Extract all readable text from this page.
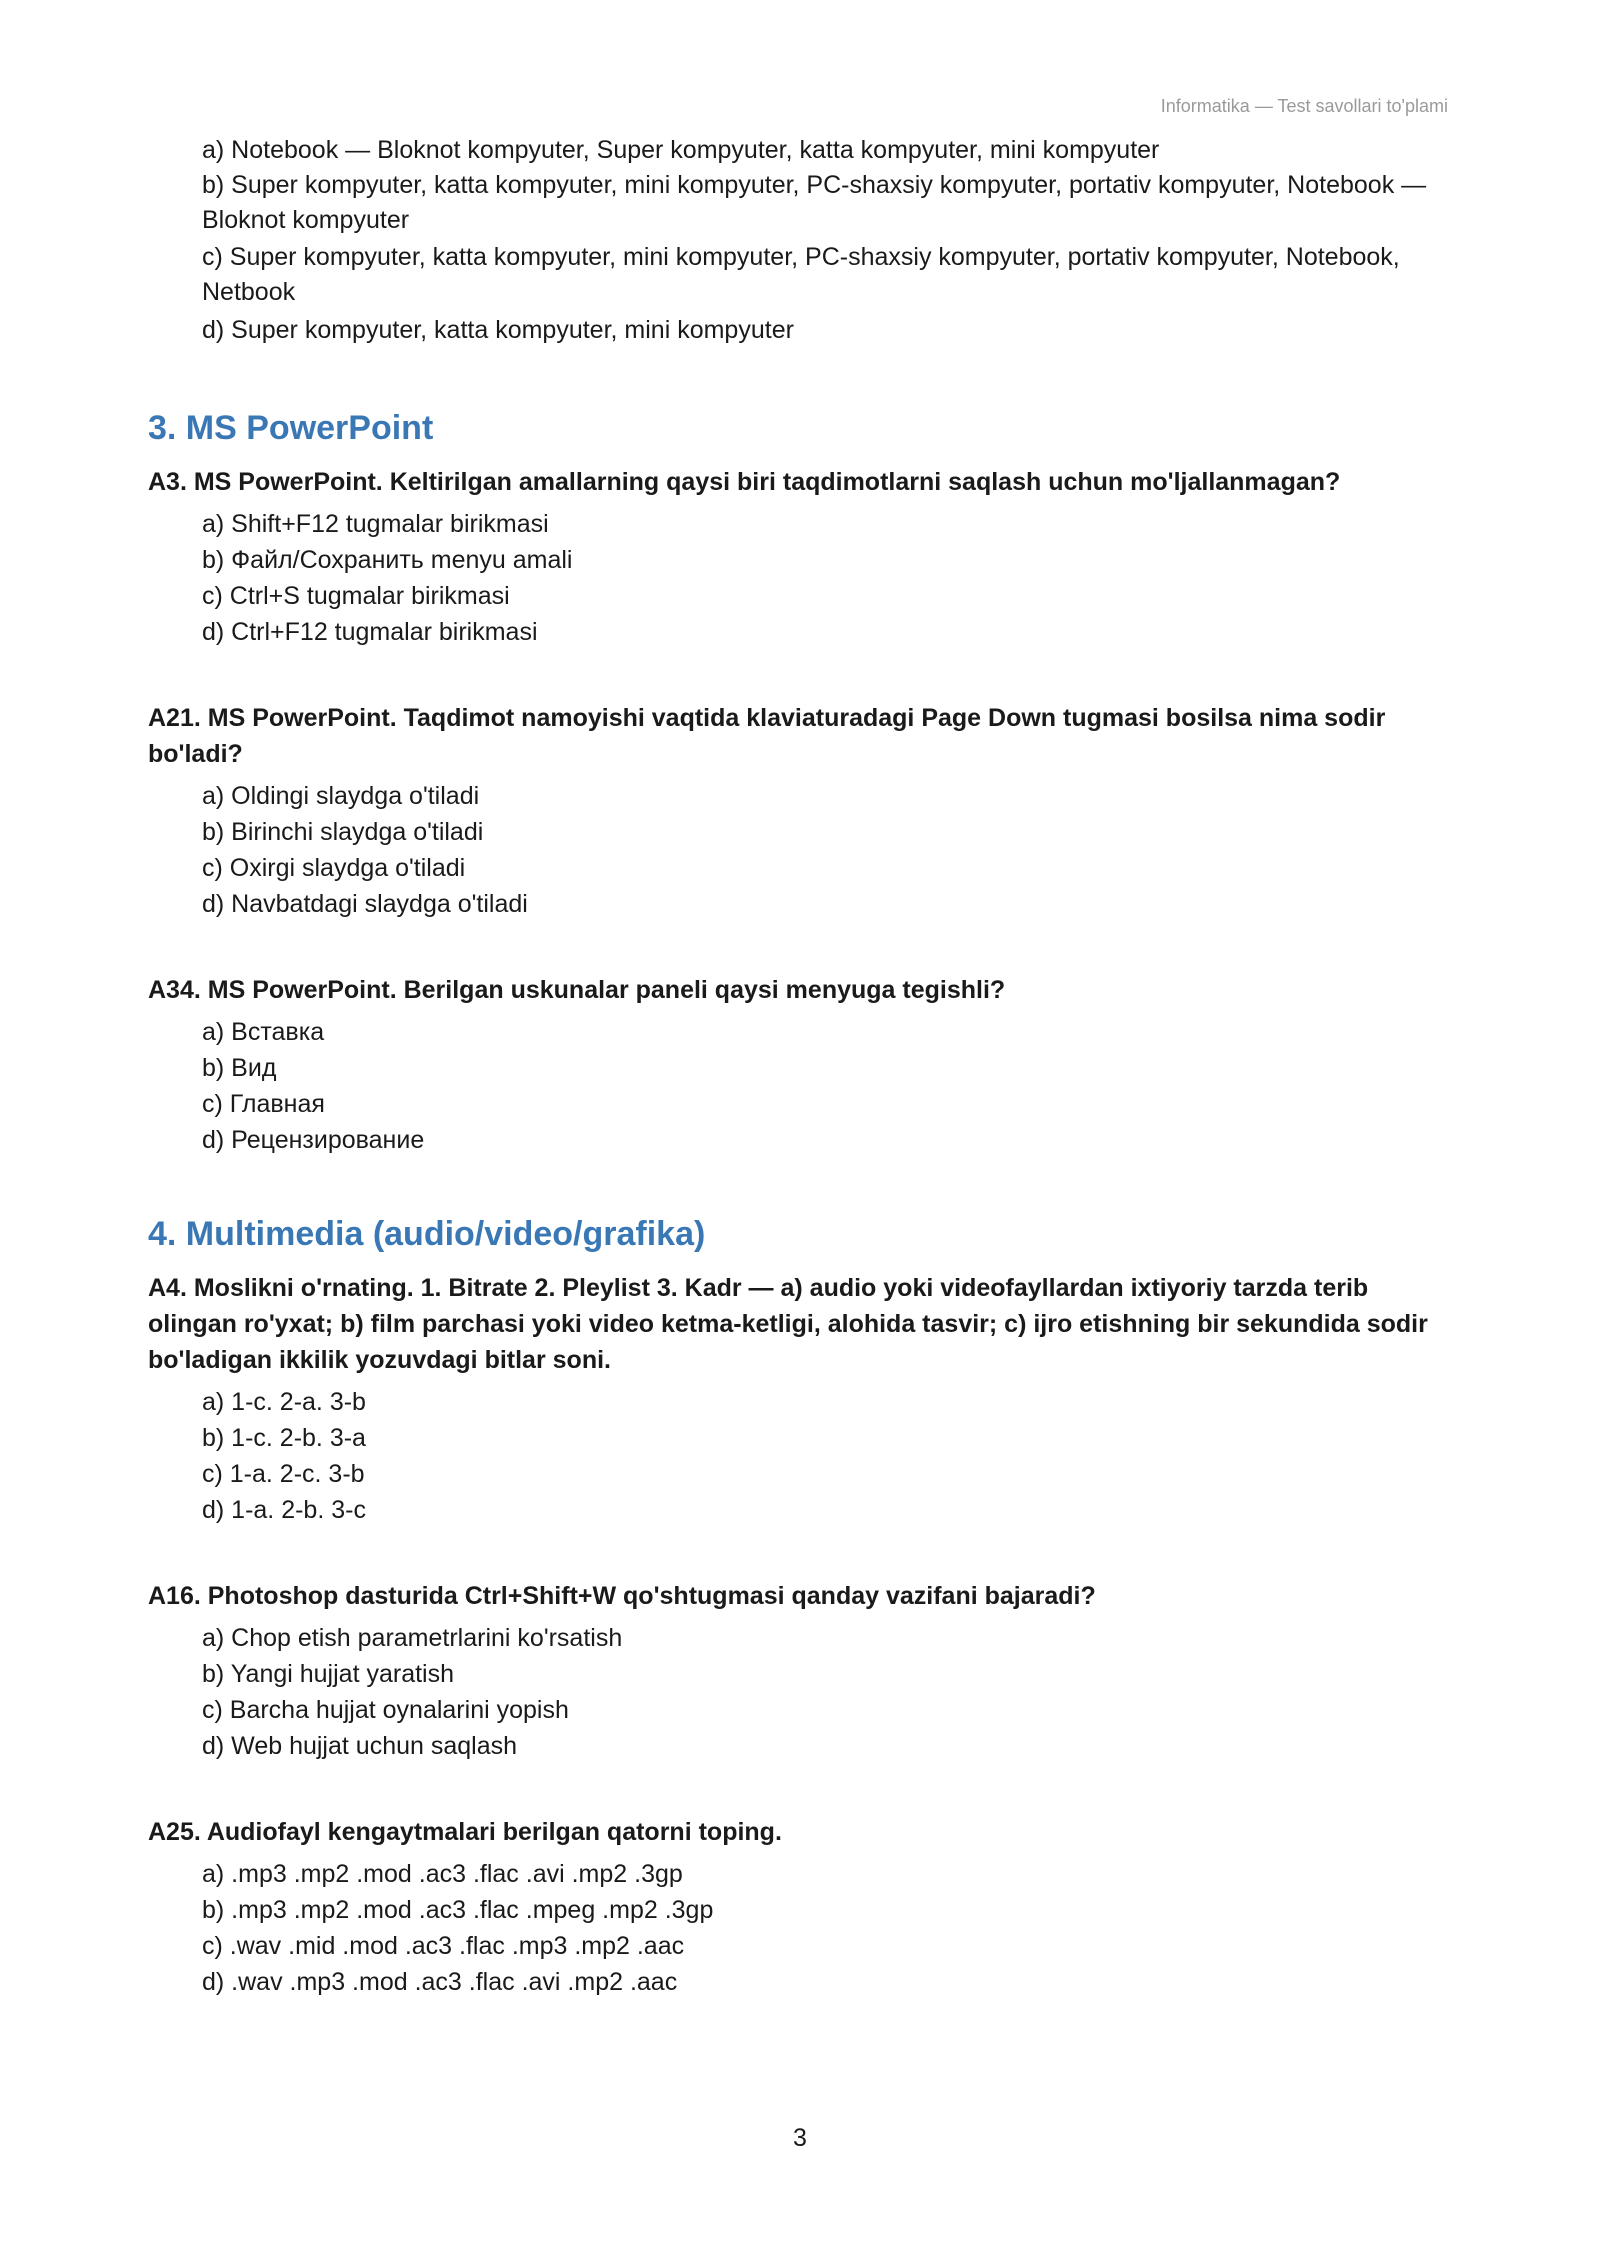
Informatika — Test savollari to'plami
a) Notebook — Bloknot kompyuter, Super kompyuter, katta kompyuter, mini kompyuter
b) Super kompyuter, katta kompyuter, mini kompyuter, PC-shaxsiy kompyuter, portativ kompyuter, Notebook — Bloknot kompyuter
c) Super kompyuter, katta kompyuter, mini kompyuter, PC-shaxsiy kompyuter, portativ kompyuter, Notebook, Netbook
d) Super kompyuter, katta kompyuter, mini kompyuter
3. MS PowerPoint

A3. MS PowerPoint. Keltirilgan amallarning qaysi biri taqdimotlarni saqlash uchun mo'ljallanmagan?

a) Shift+F12 tugmalar birikmasi
b) Файл/Сохранить menyu amali
c) Ctrl+S tugmalar birikmasi
d) Ctrl+F12 tugmalar birikmasi

A21. MS PowerPoint. Taqdimot namoyishi vaqtida klaviaturadagi Page Down tugmasi bosilsa nima sodir bo'ladi?

a) Oldingi slaydga o'tiladi
b) Birinchi slaydga o'tiladi
c) Oxirgi slaydga o'tiladi
d) Navbatdagi slaydga o'tiladi

A34. MS PowerPoint. Berilgan uskunalar paneli qaysi menyuga tegishli?

a) Вставка
b) Вид
c) Главная
d) Рецензирование
4. Multimedia (audio/video/grafika)

A4. Moslikni o'rnating. 1. Bitrate 2. Pleylist 3. Kadr — a) audio yoki videofayllardan ixtiyoriy tarzda terib olingan ro'yxat; b) film parchasi yoki video ketma-ketligi, alohida tasvir; c) ijro etishning bir sekundida sodir bo'ladigan ikkilik yozuvdagi bitlar soni.

a) 1-c. 2-a. 3-b
b) 1-c. 2-b. 3-a
c) 1-a. 2-c. 3-b
d) 1-a. 2-b. 3-c

A16. Photoshop dasturida Ctrl+Shift+W qo'shtugmasi qanday vazifani bajaradi?

a) Chop etish parametrlarini ko'rsatish
b) Yangi hujjat yaratish
c) Barcha hujjat oynalarini yopish
d) Web hujjat uchun saqlash

A25. Audiofayl kengaytmalari berilgan qatorni toping.

a) .mp3 .mp2 .mod .ac3 .flac .avi .mp2 .3gp
b) .mp3 .mp2 .mod .ac3 .flac .mpeg .mp2 .3gp
c) .wav .mid .mod .ac3 .flac .mp3 .mp2 .aac
d) .wav .mp3 .mod .ac3 .flac .avi .mp2 .aac
3
